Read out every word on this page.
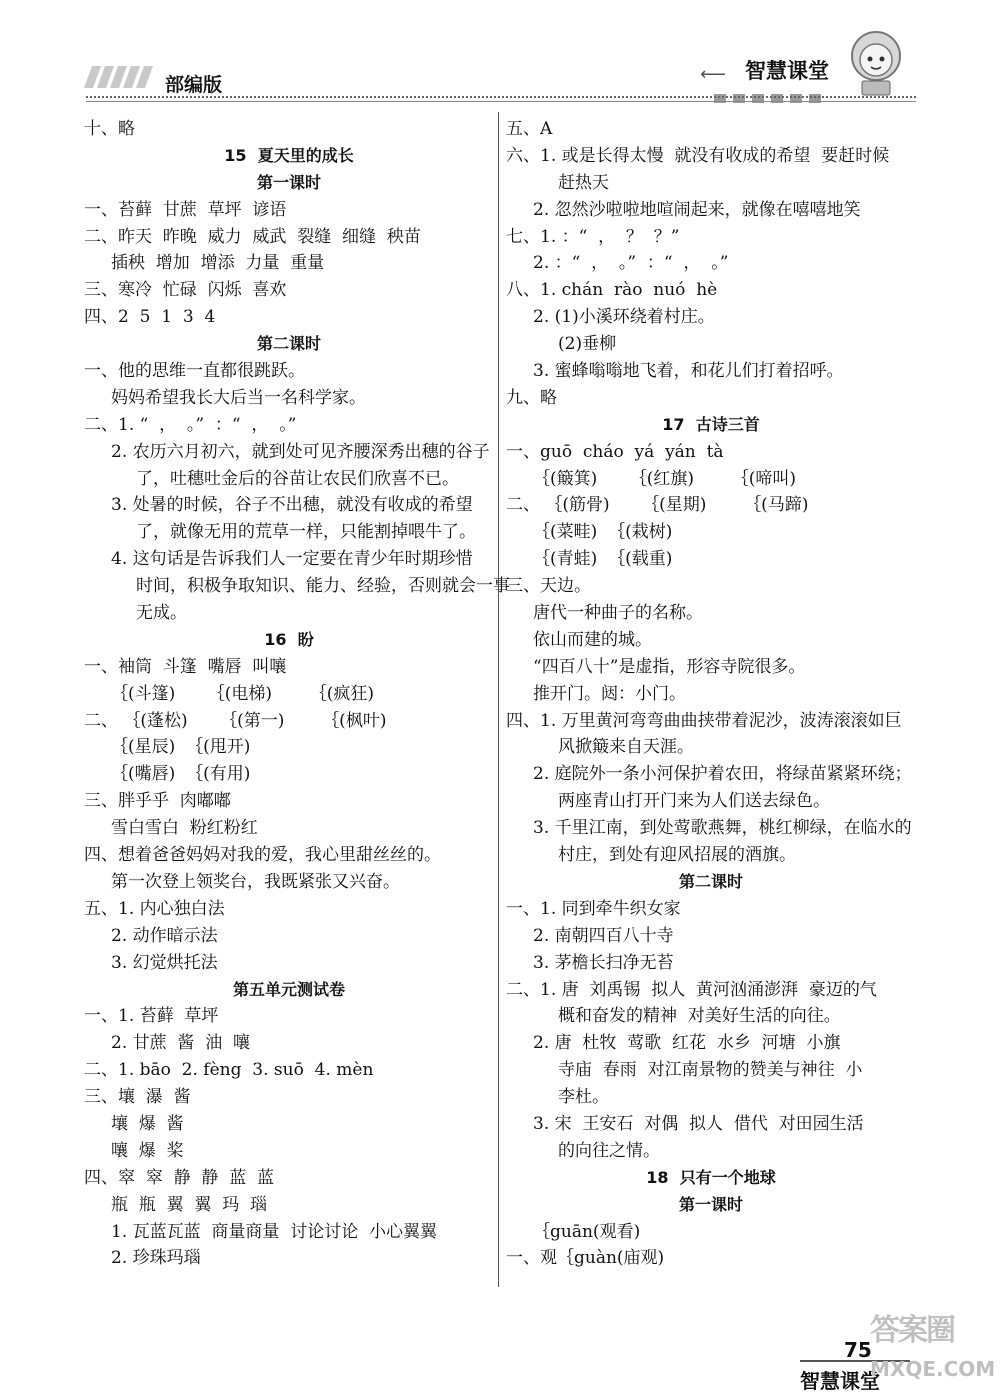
部编版	⟵ 智慧课堂
十、略
15  夏天里的成长
第一课时
一、苔藓  甘蔗  草坪  谚语
二、昨天  昨晚  威力  威武  裂缝  细缝  秧苗
插秧  增加  增添  力量  重量
三、寒冷  忙碌  闪烁  喜欢
四、2  5  1  3  4
第二课时
一、他的思维一直都很跳跃。
妈妈希望我长大后当一名科学家。
二、1. “  ，  。”  ：“  ，  。”
2. 农历六月初六，就到处可见齐腰深秀出穗的谷子
了，吐穗吐金后的谷苗让农民们欣喜不已。
3. 处暑的时候，谷子不出穗，就没有收成的希望
了，就像无用的荒草一样，只能割掉喂牛了。
4. 这句话是告诉我们人一定要在青少年时期珍惜
时间，积极争取知识、能力、经验，否则就会一事
无成。
16  盼
一、袖筒  斗篷  嘴唇  叫嚷
｛(斗篷)      ｛(电梯)       ｛(疯狂)
二、 ｛(蓬松)      ｛(第一)       ｛(枫叶)
｛(星辰)  ｛(甩开)
｛(嘴唇)  ｛(有用)
三、胖乎乎  肉嘟嘟
雪白雪白  粉红粉红
四、想着爸爸妈妈对我的爱，我心里甜丝丝的。
第一次登上领奖台，我既紧张又兴奋。
五、1. 内心独白法
2. 动作暗示法
3. 幻觉烘托法
第五单元测试卷
一、1. 苔藓  草坪
2. 甘蔗  酱  油  嚷
二、1. bāo  2. fèng  3. suō  4. mèn
三、壤  瀑  酱
壤  爆  酱
嚷  爆  桨
四、窣  窣  静  静  蓝  蓝
瓶  瓶  翼  翼  玛  瑙
1. 瓦蓝瓦蓝  商量商量  讨论讨论  小心翼翼
2. 珍珠玛瑙
五、A
六、1. 或是长得太慢  就没有收成的希望  要赶时候
赶热天
2. 忽然沙啦啦地喧闹起来，就像在嘻嘻地笑
七、1. ：“  ，  ？  ？”
2. ：“  ，  。”  ：“  ，  。”
八、1. chán  rào  nuó  hè
2. (1)小溪环绕着村庄。
(2)垂柳
3. 蜜蜂嗡嗡地飞着，和花儿们打着招呼。
九、略
17  古诗三首
一、guō  cháo  yá  yán  tà
｛(簸箕)      ｛(红旗)       ｛(啼叫)
二、 ｛(筋骨)      ｛(星期)       ｛(马蹄)
｛(菜畦)  ｛(栽树)
｛(青蛙)  ｛(载重)
三、天边。
唐代一种曲子的名称。
依山而建的城。
“四百八十”是虚指，形容寺院很多。
推开门。闼：小门。
四、1. 万里黄河弯弯曲曲挟带着泥沙，波涛滚滚如巨
风掀簸来自天涯。
2. 庭院外一条小河保护着农田，将绿苗紧紧环绕；
两座青山打开门来为人们送去绿色。
3. 千里江南，到处莺歌燕舞，桃红柳绿，在临水的
村庄，到处有迎风招展的酒旗。
第二课时
一、1. 同到牵牛织女家
2. 南朝四百八十寺
3. 茅檐长扫净无苔
二、1. 唐  刘禹锡  拟人  黄河汹涌澎湃  豪迈的气
概和奋发的精神  对美好生活的向往。
2. 唐  杜牧  莺歌  红花  水乡  河塘  小旗
寺庙  春雨  对江南景物的赞美与神往  小
李杜。
3. 宋  王安石  对偶  拟人  借代  对田园生活
的向往之情。
18  只有一个地球
第一课时
｛guān(观看)
一、观｛guàn(庙观)
75
智慧课堂
答案圈
MXQE.COM
